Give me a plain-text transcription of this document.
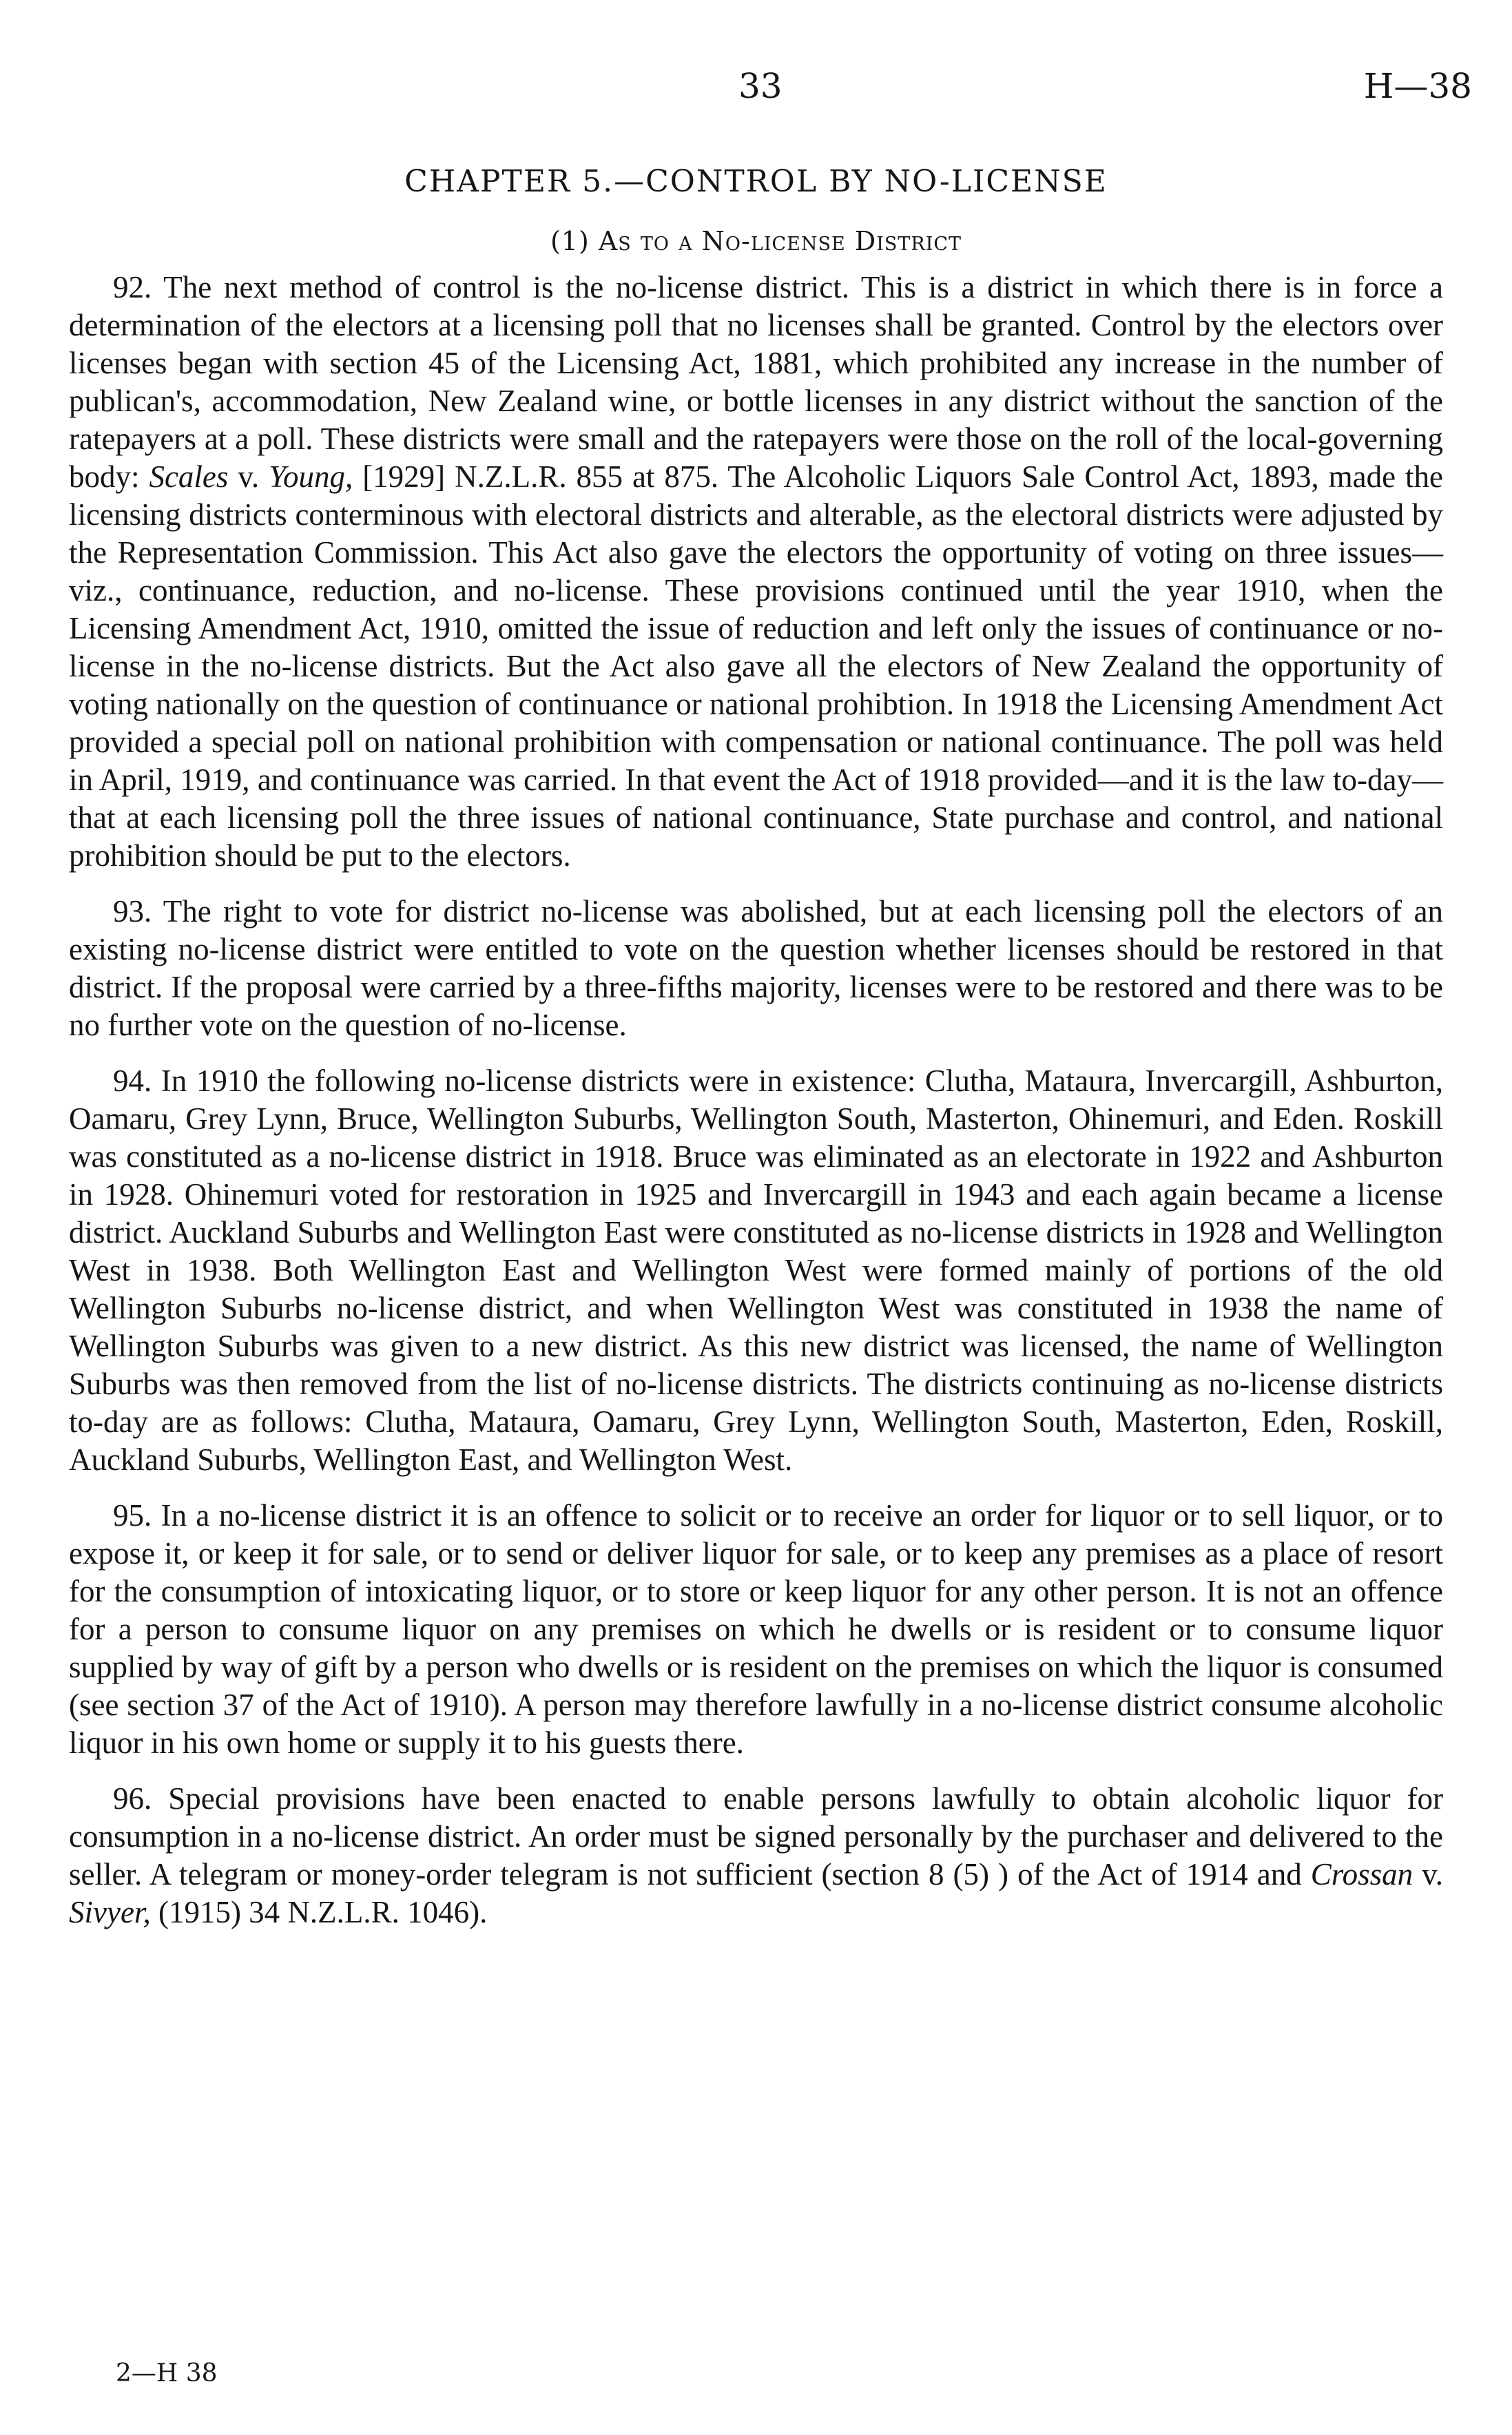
33	H—38
CHAPTER 5.—CONTROL BY NO-LICENSE
(1) As to a No-license District

92. The next method of control is the no-license district. This is a district in which there is in force a determination of the electors at a licensing poll that no licenses shall be granted. Control by the electors over licenses began with section 45 of the Licensing Act, 1881, which prohibited any increase in the number of publican's, accommodation, New Zealand wine, or bottle licenses in any district without the sanction of the ratepayers at a poll. These districts were small and the ratepayers were those on the roll of the local-governing body: Scales v. Young, [1929] N.Z.L.R. 855 at 875. The Alcoholic Liquors Sale Control Act, 1893, made the licensing districts conterminous with electoral districts and alterable, as the electoral districts were adjusted by the Representation Commission. This Act also gave the electors the opportunity of voting on three issues—viz., continuance, reduction, and no-license. These provisions continued until the year 1910, when the Licensing Amendment Act, 1910, omitted the issue of reduction and left only the issues of continuance or no-license in the no-license districts. But the Act also gave all the electors of New Zealand the opportunity of voting nationally on the question of continuance or national prohibtion. In 1918 the Licensing Amendment Act provided a special poll on national prohibition with compensation or national continuance. The poll was held in April, 1919, and continuance was carried. In that event the Act of 1918 provided—and it is the law to-day—that at each licensing poll the three issues of national continuance, State purchase and control, and national prohibition should be put to the electors.

93. The right to vote for district no-license was abolished, but at each licensing poll the electors of an existing no-license district were entitled to vote on the question whether licenses should be restored in that district. If the proposal were carried by a three-fifths majority, licenses were to be restored and there was to be no further vote on the question of no-license.

94. In 1910 the following no-license districts were in existence: Clutha, Mataura, Invercargill, Ashburton, Oamaru, Grey Lynn, Bruce, Wellington Suburbs, Wellington South, Masterton, Ohinemuri, and Eden. Roskill was constituted as a no-license district in 1918. Bruce was eliminated as an electorate in 1922 and Ashburton in 1928. Ohinemuri voted for restoration in 1925 and Invercargill in 1943 and each again became a license district. Auckland Suburbs and Wellington East were constituted as no-license districts in 1928 and Wellington West in 1938. Both Wellington East and Wellington West were formed mainly of portions of the old Wellington Suburbs no-license district, and when Wellington West was constituted in 1938 the name of Wellington Suburbs was given to a new district. As this new district was licensed, the name of Wellington Suburbs was then removed from the list of no-license districts. The districts continuing as no-license districts to-day are as follows: Clutha, Mataura, Oamaru, Grey Lynn, Wellington South, Masterton, Eden, Roskill, Auckland Suburbs, Wellington East, and Wellington West.

95. In a no-license district it is an offence to solicit or to receive an order for liquor or to sell liquor, or to expose it, or keep it for sale, or to send or deliver liquor for sale, or to keep any premises as a place of resort for the consumption of intoxicating liquor, or to store or keep liquor for any other person. It is not an offence for a person to consume liquor on any premises on which he dwells or is resident or to consume liquor supplied by way of gift by a person who dwells or is resident on the premises on which the liquor is consumed (see section 37 of the Act of 1910). A person may therefore lawfully in a no-license district consume alcoholic liquor in his own home or supply it to his guests there.

96. Special provisions have been enacted to enable persons lawfully to obtain alcoholic liquor for consumption in a no-license district. An order must be signed personally by the purchaser and delivered to the seller. A telegram or money-order telegram is not sufficient (section 8 (5) ) of the Act of 1914 and Crossan v. Sivyer, (1915) 34 N.Z.L.R. 1046).

2—H 38
